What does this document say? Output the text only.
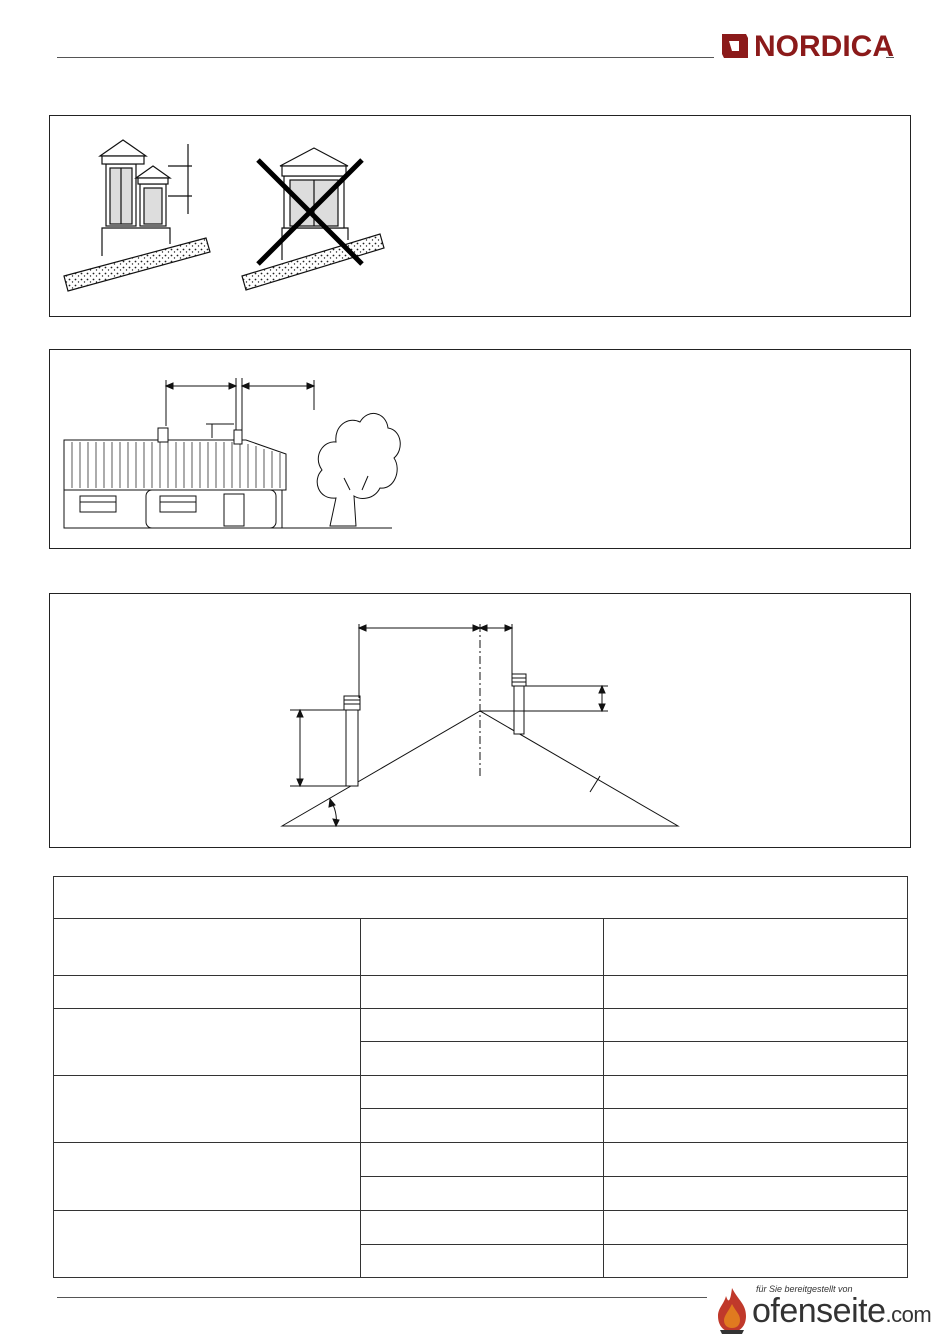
NORDICA

für Sie bereitgestellt von
ofenseite.com
